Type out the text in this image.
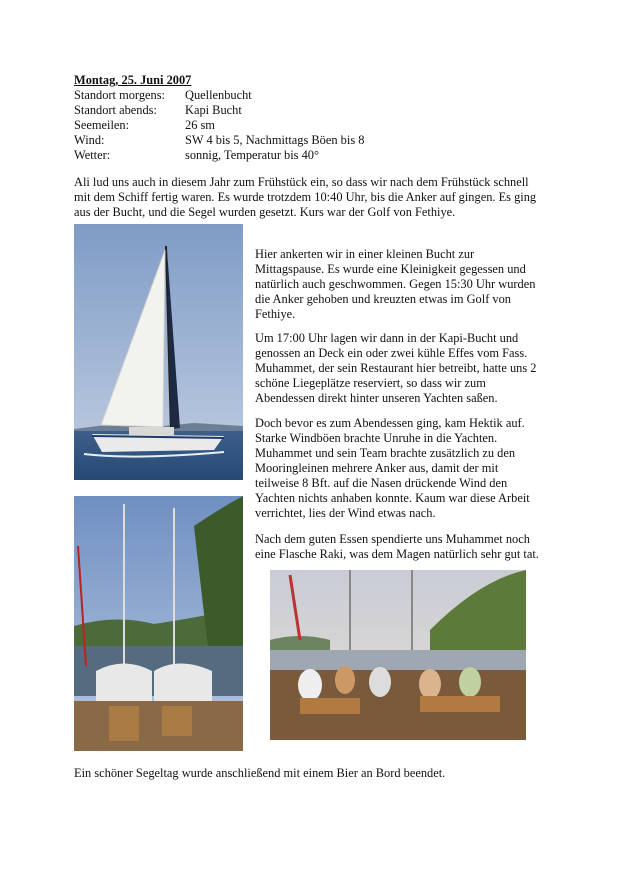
Montag, 25. Juni 2007
Standort morgens: Quellenbucht
Standort abends: Kapi Bucht
Seemeilen:	26 sm
Wind:	SW 4 bis 5, Nachmittags Böen bis 8
Wetter:	sonnig, Temperatur bis 40°
Ali lud uns auch in diesem Jahr zum Frühstück ein, so dass wir nach dem Frühstück schnell
mit dem Schiff fertig waren. Es wurde trotzdem 10:40 Uhr, bis die Anker auf gingen. Es ging
aus der Bucht, und die Segel wurden gesetzt. Kurs war der Golf von Fethiye.
Hier ankerten wir in einer kleinen Bucht zur
Mittagspause. Es wurde eine Kleinigkeit gegessen und
natürlich auch geschwommen. Gegen 15:30 Uhr wurden
die Anker gehoben und kreuzten etwas im Golf von
Fethiye.
Um 17:00 Uhr lagen wir dann in der Kapi-Bucht und
genossen an Deck ein oder zwei kühle Effes vom Fass.
Muhammet, der sein Restaurant hier betreibt, hatte uns 2
schöne Liegeplätze reserviert, so dass wir zum
Abendessen direkt hinter unseren Yachten saßen.
Doch bevor es zum Abendessen ging, kam Hektik auf.
Starke Windböen brachte Unruhe in die Yachten.
Muhammet und sein Team brachte zusätzlich zu den
Mooringleinen mehrere Anker aus, damit der mit
teilweise 8 Bft. auf die Nasen drückende Wind den
Yachten nichts anhaben konnte. Kaum war diese Arbeit
verrichtet, lies der Wind etwas nach.
Nach dem guten Essen spendierte uns Muhammet noch
eine Flasche Raki, was dem Magen natürlich sehr gut tat.
Ein schöner Segeltag wurde anschließend mit einem Bier an Bord beendet.
